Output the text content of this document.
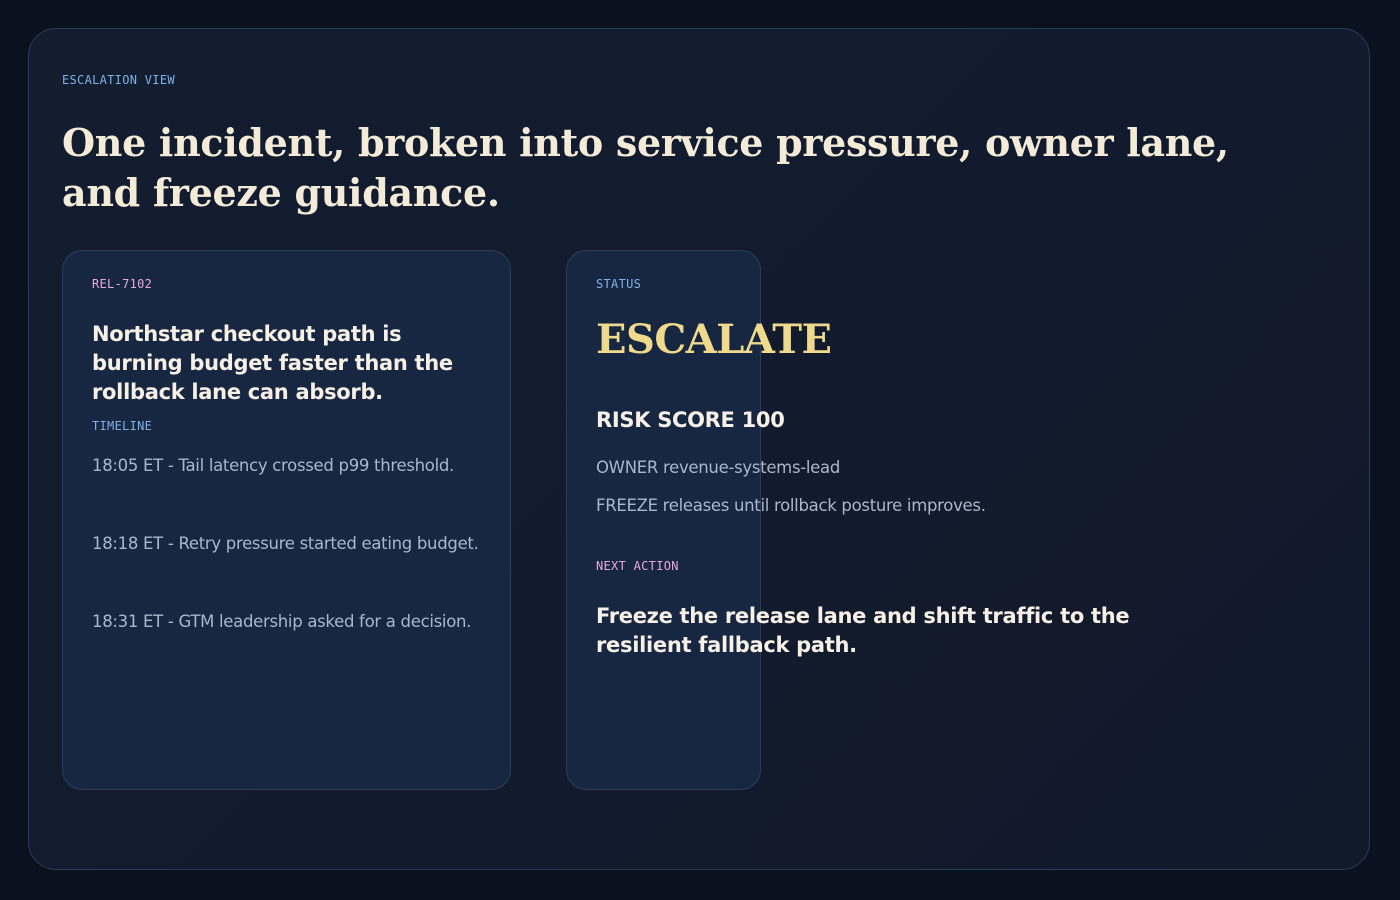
ESCALATION VIEW
One incident, broken into service pressure, owner lane, and freeze guidance.
REL-7102
Northstar checkout path is burning budget faster than the rollback lane can absorb.
TIMELINE
18:05 ET - Tail latency crossed p99 threshold.
18:18 ET - Retry pressure started eating budget.
18:31 ET - GTM leadership asked for a decision.
STATUS
ESCALATE
RISK SCORE 100
OWNER revenue-systems-lead
FREEZE releases until rollback posture improves.
NEXT ACTION
Freeze the release lane and shift traffic to the resilient fallback path.
